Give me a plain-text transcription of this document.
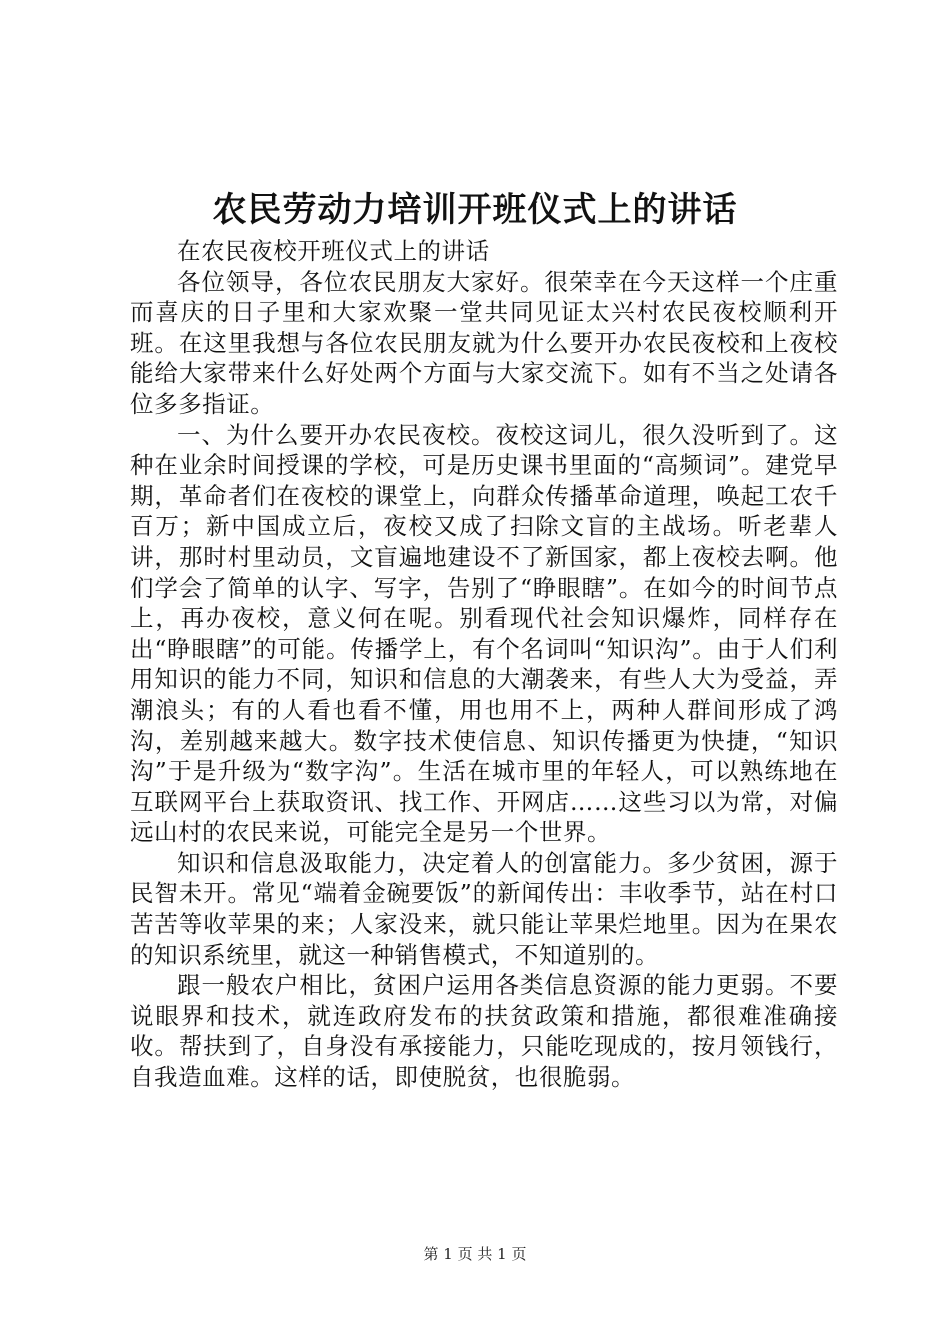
农民劳动力培训开班仪式上的讲话

在农民夜校开班仪式上的讲话

各位领导，各位农民朋友大家好。很荣幸在今天这样一个庄重而喜庆的日子里和大家欢聚一堂共同见证太兴村农民夜校顺利开班。在这里我想与各位农民朋友就为什么要开办农民夜校和上夜校能给大家带来什么好处两个方面与大家交流下。如有不当之处请各位多多指证。

一、为什么要开办农民夜校。夜校这词儿，很久没听到了。这种在业余时间授课的学校，可是历史课书里面的“高频词”。建党早期，革命者们在夜校的课堂上，向群众传播革命道理，唤起工农千百万；新中国成立后，夜校又成了扫除文盲的主战场。听老辈人讲，那时村里动员，文盲遍地建设不了新国家，都上夜校去啊。他们学会了简单的认字、写字，告别了“睁眼瞎”。在如今的时间节点上，再办夜校，意义何在呢。别看现代社会知识爆炸，同样存在出“睁眼瞎”的可能。传播学上，有个名词叫“知识沟”。由于人们利用知识的能力不同，知识和信息的大潮袭来，有些人大为受益，弄潮浪头；有的人看也看不懂，用也用不上，两种人群间形成了鸿沟，差别越来越大。数字技术使信息、知识传播更为快捷，“知识沟”于是升级为“数字沟”。生活在城市里的年轻人，可以熟练地在互联网平台上获取资讯、找工作、开网店……这些习以为常，对偏远山村的农民来说，可能完全是另一个世界。

知识和信息汲取能力，决定着人的创富能力。多少贫困，源于民智未开。常见“端着金碗要饭”的新闻传出：丰收季节，站在村口苦苦等收苹果的来；人家没来，就只能让苹果烂地里。因为在果农的知识系统里，就这一种销售模式，不知道别的。

跟一般农户相比，贫困户运用各类信息资源的能力更弱。不要说眼界和技术，就连政府发布的扶贫政策和措施，都很难准确接收。帮扶到了，自身没有承接能力，只能吃现成的，按月领钱行，自我造血难。这样的话，即使脱贫，也很脆弱。

第 1 页 共 1 页
